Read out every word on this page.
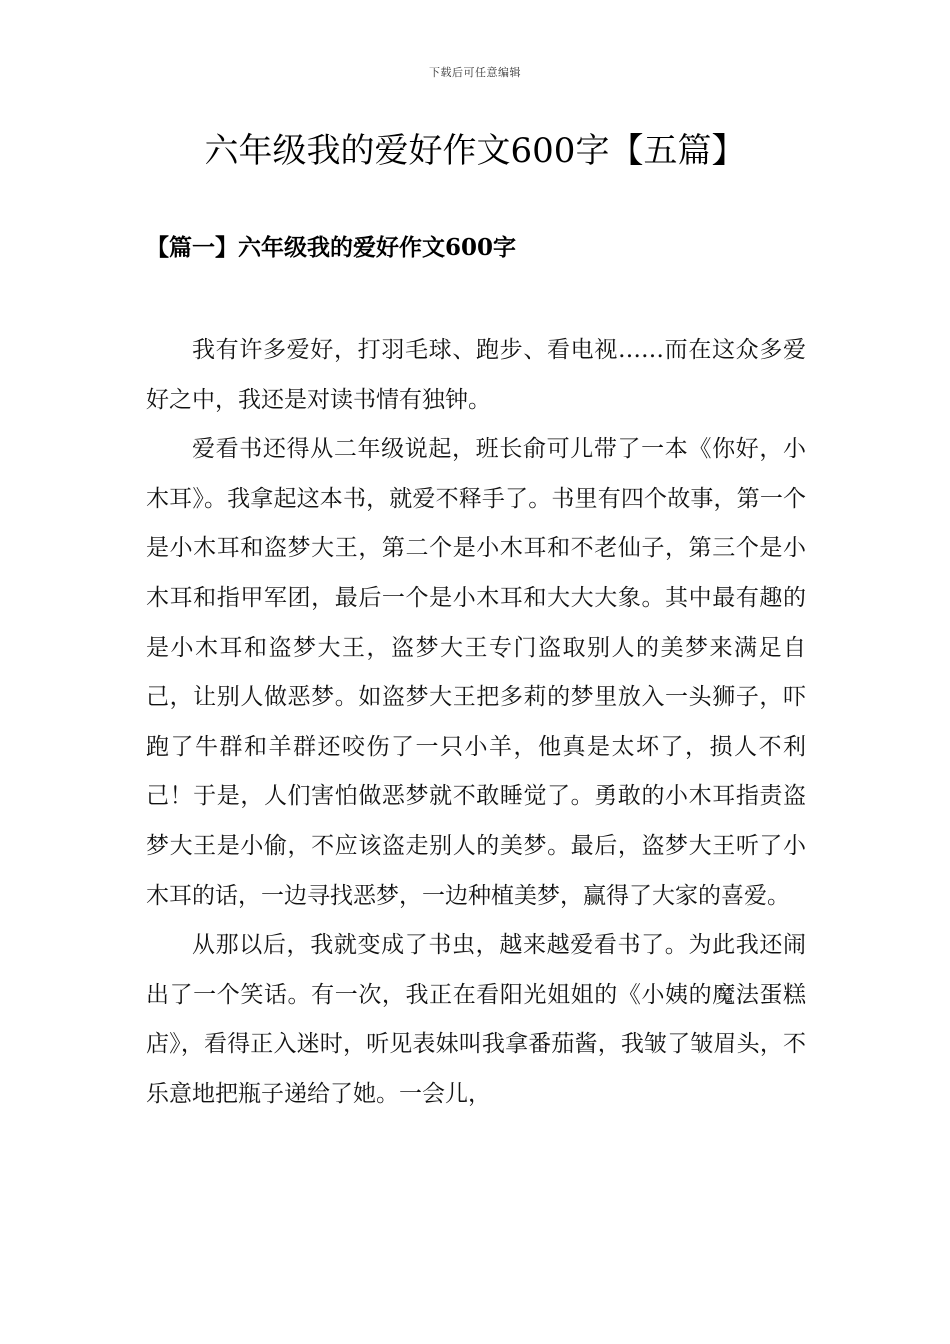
下载后可任意编辑
六年级我的爱好作文600字【五篇】
【篇一】六年级我的爱好作文600字

我有许多爱好，打羽毛球、跑步、看电视……而在这众多爱好之中，我还是对读书情有独钟。

爱看书还得从二年级说起，班长俞可儿带了一本《你好，小木耳》。我拿起这本书，就爱不释手了。书里有四个故事，第一个是小木耳和盗梦大王，第二个是小木耳和不老仙子，第三个是小木耳和指甲军团，最后一个是小木耳和大大大象。其中最有趣的是小木耳和盗梦大王，盗梦大王专门盗取别人的美梦来满足自己，让别人做恶梦。如盗梦大王把多莉的梦里放入一头狮子，吓跑了牛群和羊群还咬伤了一只小羊，他真是太坏了，损人不利己！于是，人们害怕做恶梦就不敢睡觉了。勇敢的小木耳指责盗梦大王是小偷，不应该盗走别人的美梦。最后，盗梦大王听了小木耳的话，一边寻找恶梦，一边种植美梦，赢得了大家的喜爱。

从那以后，我就变成了书虫，越来越爱看书了。为此我还闹出了一个笑话。有一次，我正在看阳光姐姐的《小姨的魔法蛋糕店》，看得正入迷时，听见表妹叫我拿番茄酱，我皱了皱眉头，不乐意地把瓶子递给了她。一会儿，
